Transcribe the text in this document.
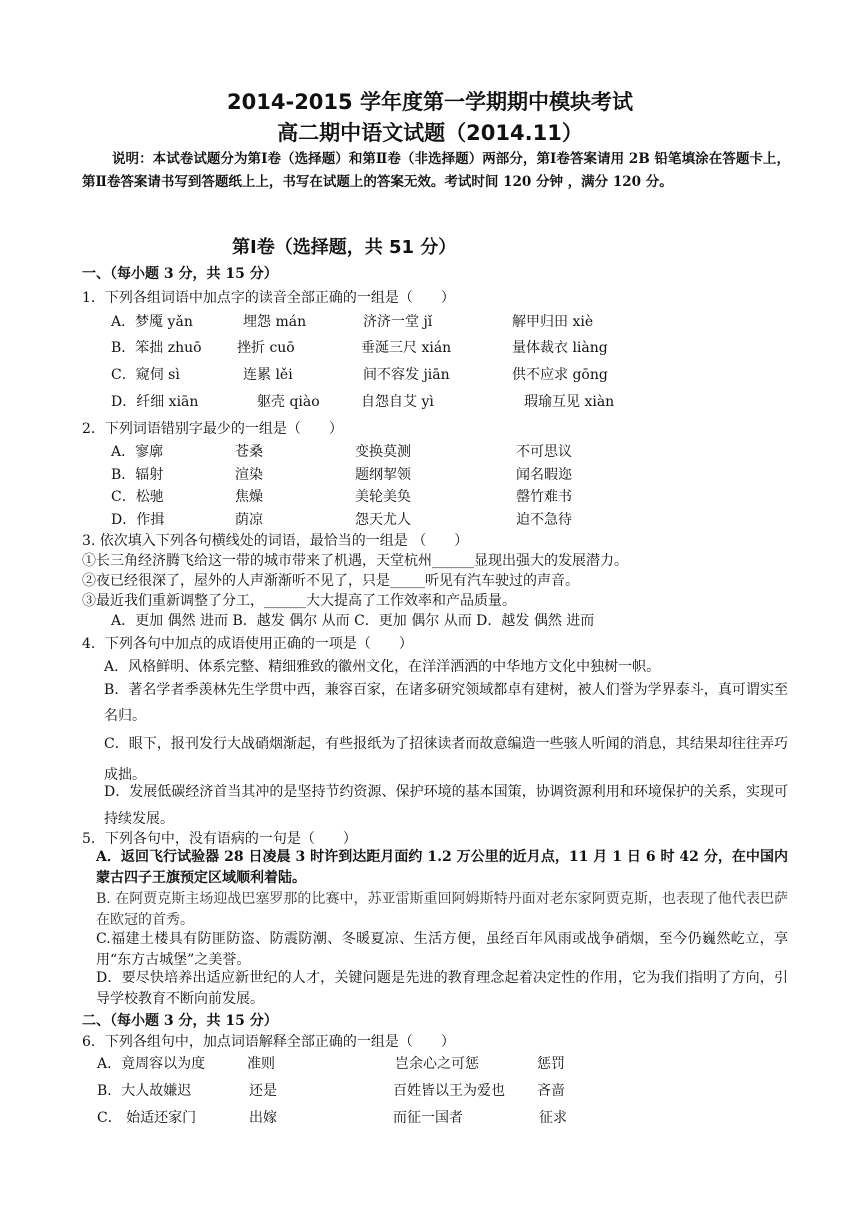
2014-2015 学年度第一学期期中模块考试
高二期中语文试题（2014.11）
说明：本试卷试题分为第Ⅰ卷（选择题）和第Ⅱ卷（非选择题）两部分，第Ⅰ卷答案请用 2B 铅笔填涂在答题卡上，第Ⅱ卷答案请书写到答题纸上上，书写在试题上的答案无效。考试时间 120 分钟 ，满分 120 分。
第Ⅰ卷（选择题，共 51 分）
一、（每小题 3 分，共 15 分）
1．下列各组词语中加点字的读音全部正确的一组是（　　）
A．梦魇 yǎn	埋怨 mán	济济一堂 jǐ	解甲归田 xiè
B．笨拙 zhuō	挫折 cuō	垂涎三尺 xián	量体裁衣 liàng
C．窥伺 sì	连累 lěi	间不容发 jiān	供不应求 gōng
D．纤细 xiān	躯壳 qiào	自怨自艾 yì	瑕瑜互见 xiàn
2．下列词语错别字最少的一组是（　　）
A．寥廓	苍桑	变换莫测	不可思议
B．辐射	渲染	题纲挈领	闻名暇迩
C．松驰	焦燥	美轮美奂	罄竹难书
D．作揖	荫凉	怨天尤人	迫不急待
3. 依次填入下列各句横线处的词语，最恰当的一组是 （　　）
①长三角经济腾飞给这一带的城市带来了机遇，天堂杭州______显现出强大的发展潜力。
②夜已经很深了，屋外的人声渐渐听不见了，只是_____听见有汽车驶过的声音。
③最近我们重新调整了分工，______大大提高了工作效率和产品质量。
A．更加 偶然 进而 B．越发 偶尔 从而 C．更加 偶尔 从而 D．越发 偶然 进而
4．下列各句中加点的成语使用正确的一项是（　　）
A．风格鲜明、体系完整、精细雅致的徽州文化，在洋洋洒洒的中华地方文化中独树一帜。
B．著名学者季羡林先生学贯中西，兼容百家，在诸多研究领域都卓有建树，被人们誉为学界泰斗，真可谓实至名归。
C．眼下，报刊发行大战硝烟渐起，有些报纸为了招徕读者而故意编造一些骇人听闻的消息，其结果却往往弄巧成拙。
D．发展低碳经济首当其冲的是坚持节约资源、保护环境的基本国策，协调资源利用和环境保护的关系，实现可持续发展。
5．下列各句中，没有语病的一句是（　　）
A．返回飞行试验器 28 日凌晨 3 时许到达距月面约 1.2 万公里的近月点，11 月 1 日 6 时 42 分，在中国内蒙古四子王旗预定区域顺利着陆。
B. 在阿贾克斯主场迎战巴塞罗那的比赛中，苏亚雷斯重回阿姆斯特丹面对老东家阿贾克斯，也表现了他代表巴萨在欧冠的首秀。
C.福建土楼具有防匪防盗、防震防潮、冬暖夏凉、生活方便，虽经百年风雨或战争硝烟，至今仍巍然屹立，享用“东方古城堡”之美誉。
D．要尽快培养出适应新世纪的人才，关键问题是先进的教育理念起着决定性的作用，它为我们指明了方向，引导学校教育不断向前发展。
二、（每小题 3 分，共 15 分）
6．下列各组句中，加点词语解释全部正确的一组是（　　）
A．竟周容以为度	准则	岂余心之可惩	惩罚
B．大人故嫌迟	还是	百姓皆以王为爱也 吝啬
C． 始适还家门	出嫁	而征一国者	征求
